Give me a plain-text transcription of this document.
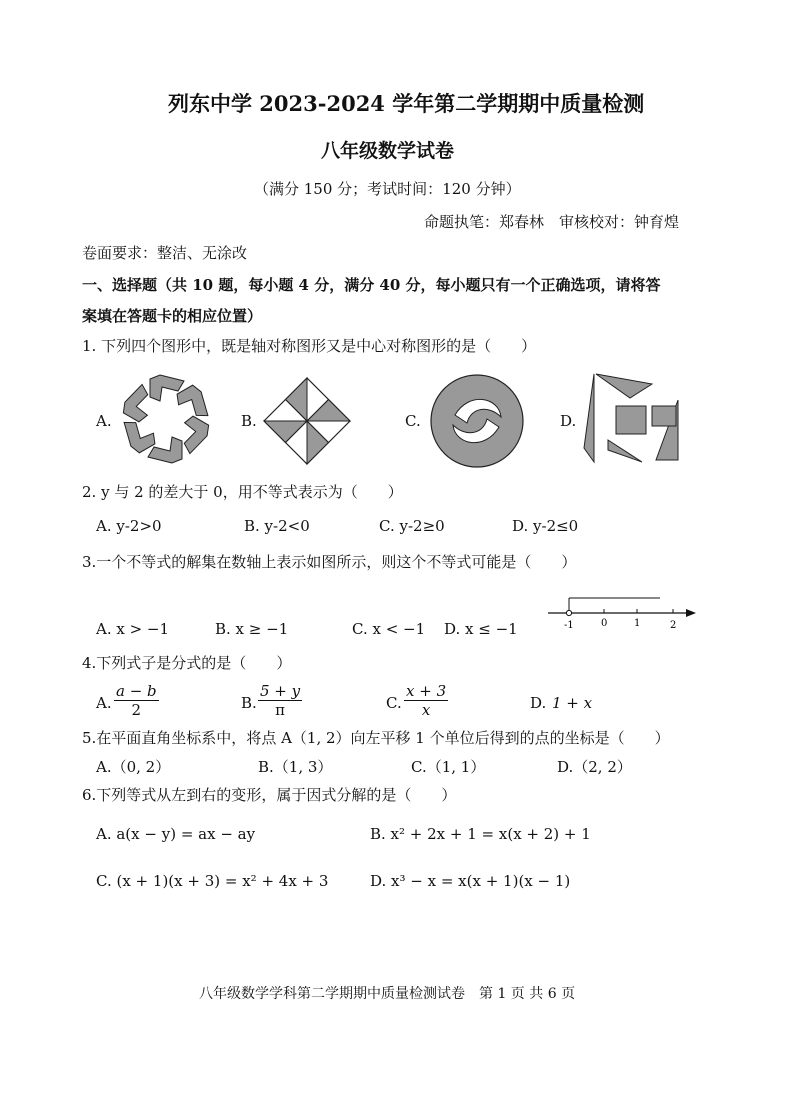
列东中学 2023-2024 学年第二学期期中质量检测
八年级数学试卷
（满分 150 分；考试时间：120 分钟）
命题执笔：郑春林　审核校对：钟育煌
卷面要求：整洁、无涂改
一、选择题（共 10 题，每小题 4 分，满分 40 分，每小题只有一个正确选项，请将答
案填在答题卡的相应位置）
1. 下列四个图形中，既是轴对称图形又是中心对称图形的是（　　）
A.	B.	C.	D.
2. y 与 2 的差大于 0，用不等式表示为（　　）
A. y-2>0	B. y-2<0	C. y-2≥0	D. y-2≤0
3.一个不等式的解集在数轴上表示如图所示，则这个不等式可能是（　　）
A. x > −1	B. x ≥ −1	C. x < −1 D. x ≤ −1	-1	0	1	2
4.下列式子是分式的是（　　）
A. $\frac{a - b}{2}$	B. $\frac{5 + y}{\pi}$	C. $\frac{x + 3}{x}$	D. 1 + x
5.在平面直角坐标系中，将点 A（1, 2）向左平移 1 个单位后得到的点的坐标是（　　）
A.（0, 2）	B.（1, 3）	C.（1, 1）	D.（2, 2）
6.下列等式从左到右的变形，属于因式分解的是（　　）
A. a(x − y) = ax − ay	B. x² + 2x + 1 = x(x + 2) + 1
C. (x + 1)(x + 3) = x² + 4x + 3	D. x³ − x = x(x + 1)(x − 1)
八年级数学学科第二学期期中质量检测试卷　第 1 页 共 6 页
